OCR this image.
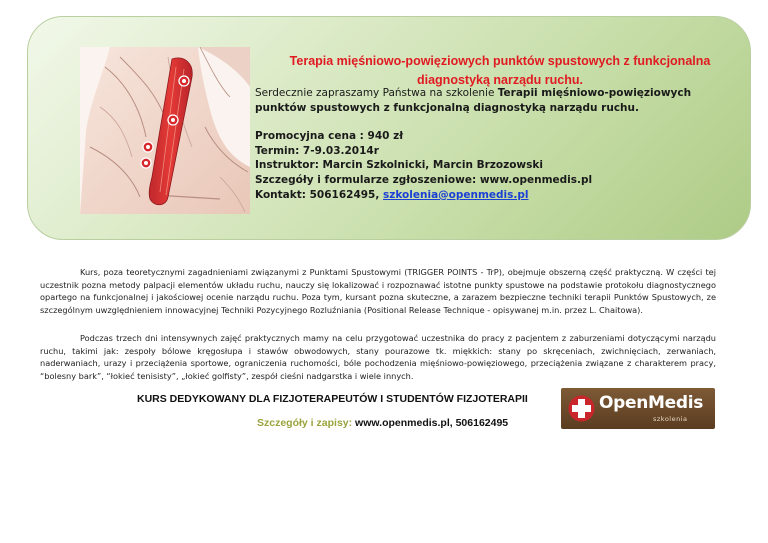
Terapia mięśniowo-powięziowych punktów spustowych z funkcjonalna diagnostyką narządu ruchu.
Serdecznie zapraszamy Państwa na szkolenie Terapii mięśniowo-powięziowych punktów spustowych z funkcjonalną diagnostyką narządu ruchu.
Promocyjna cena : 940 zł
Termin: 7-9.03.2014r
Instruktor: Marcin Szkolnicki, Marcin Brzozowski
Szczegóły i formularze zgłoszeniowe: www.openmedis.pl
Kontakt: 506162495, szkolenia@openmedis.pl

Kurs, poza teoretycznymi zagadnieniami związanymi z Punktami Spustowymi (TRIGGER POINTS - TrP), obejmuje obszerną część praktyczną. W części tej uczestnik pozna metody palpacji elementów układu ruchu, nauczy się lokalizować i rozpoznawać istotne punkty spustowe na podstawie protokołu diagnostycznego opartego na funkcjonalnej i jakościowej ocenie narządu ruchu. Poza tym, kursant pozna skuteczne, a zarazem bezpieczne techniki terapii Punktów Spustowych, ze szczególnym uwzględnieniem innowacyjnej Techniki Pozycyjnego Rozluźniania (Positional Release Technique - opisywanej m.in. przez L. Chaitowa).

Podczas trzech dni intensywnych zajęć praktycznych mamy na celu przygotować uczestnika do pracy z pacjentem z zaburzeniami dotyczącymi narządu ruchu, takimi jak: zespoły bólowe kręgosłupa i stawów obwodowych, stany pourazowe tk. miękkich: stany po skręceniach, zwichnięciach, zerwaniach, naderwaniach, urazy i przeciążenia sportowe, ograniczenia ruchomości, bóle pochodzenia mięśniowo-powięziowego, przeciążenia związane z charakterem pracy, “bolesny bark”, “łokieć tenisisty”, „łokieć golfisty”, zespół cieśni nadgarstka i wiele innych.

KURS DEDYKOWANY DLA FIZJOTERAPEUTÓW I STUDENTÓW FIZJOTERAPII
Szczegóły i zapisy: www.openmedis.pl, 506162495
OpenMedis
szkolenia
